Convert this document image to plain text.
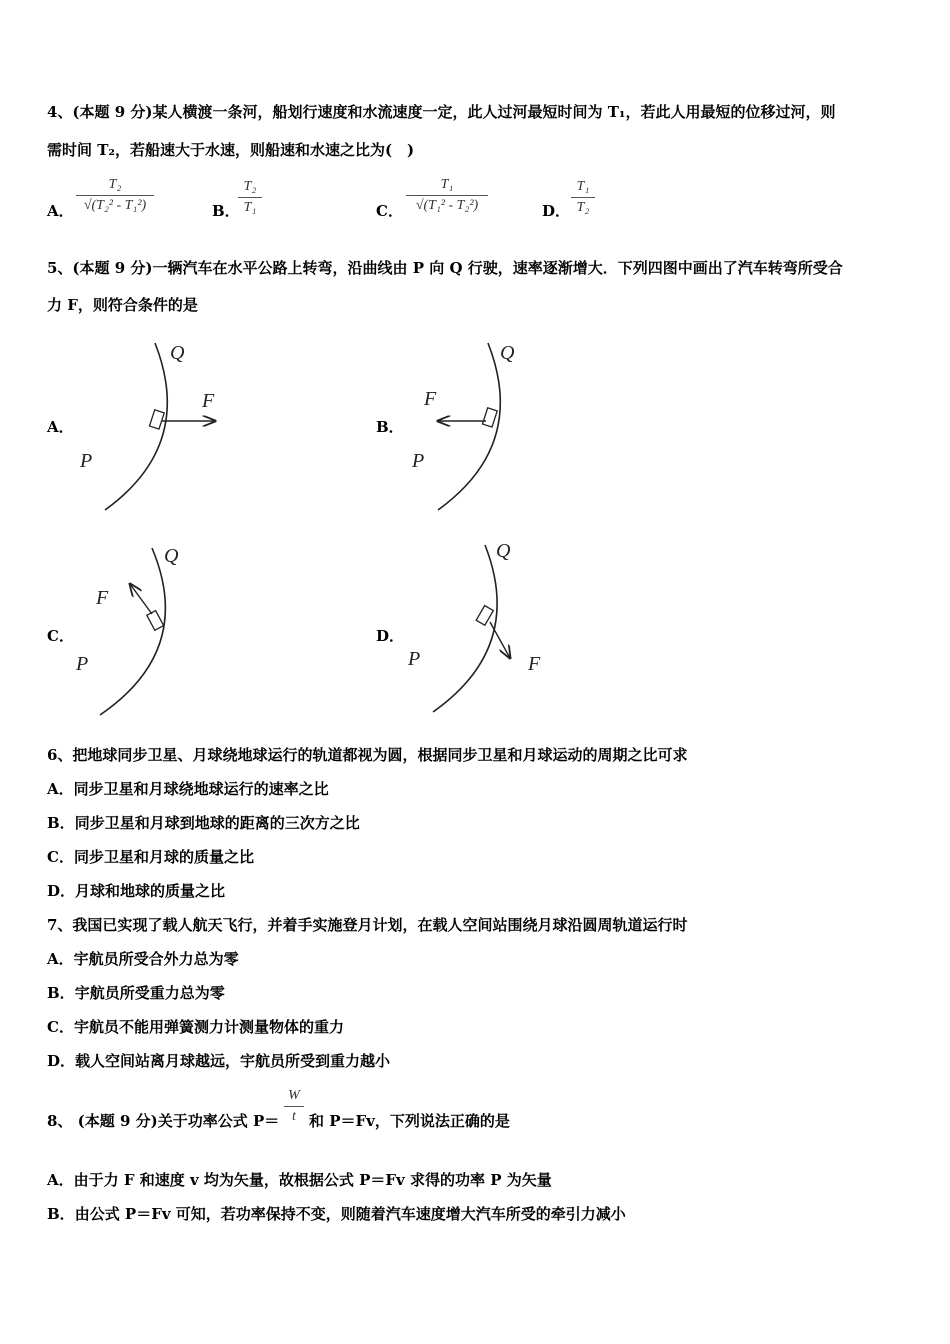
4、(本题 9 分)某人横渡一条河，船划行速度和水流速度一定，此人过河最短时间为 T₁，若此人用最短的位移过河，则
需时间 T₂，若船速大于水速，则船速和水速之比为(　)
A．
T₂
√(T₂² - T₁²)	B．
T₂
T₁	C．
T₁
√(T₁² - T₂²)	D．
T₁
T₂
5、(本题 9 分)一辆汽车在水平公路上转弯，沿曲线由 P 向 Q 行驶，速率逐渐增大．下列四图中画出了汽车转弯所受合
力 F，则符合条件的是
A．
Q
F
P
B．
Q
F
P
C．
Q
F
P
D．
Q
F
P
6、把地球同步卫星、月球绕地球运行的轨道都视为圆，根据同步卫星和月球运动的周期之比可求
A．同步卫星和月球绕地球运行的速率之比
B．同步卫星和月球到地球的距离的三次方之比
C．同步卫星和月球的质量之比
D．月球和地球的质量之比
7、我国已实现了载人航天飞行，并着手实施登月计划，在载人空间站围绕月球沿圆周轨道运行时
A．宇航员所受合外力总为零
B．宇航员所受重力总为零
C．宇航员不能用弹簧测力计测量物体的重力
D．载人空间站离月球越远，宇航员所受到重力越小
8、 (本题 9 分)关于功率公式 P＝
W
t 和 P＝Fv，下列说法正确的是
A．由于力 F 和速度 v 均为矢量，故根据公式 P＝Fv 求得的功率 P 为矢量
B．由公式 P＝Fv 可知，若功率保持不变，则随着汽车速度增大汽车所受的牵引力减小
